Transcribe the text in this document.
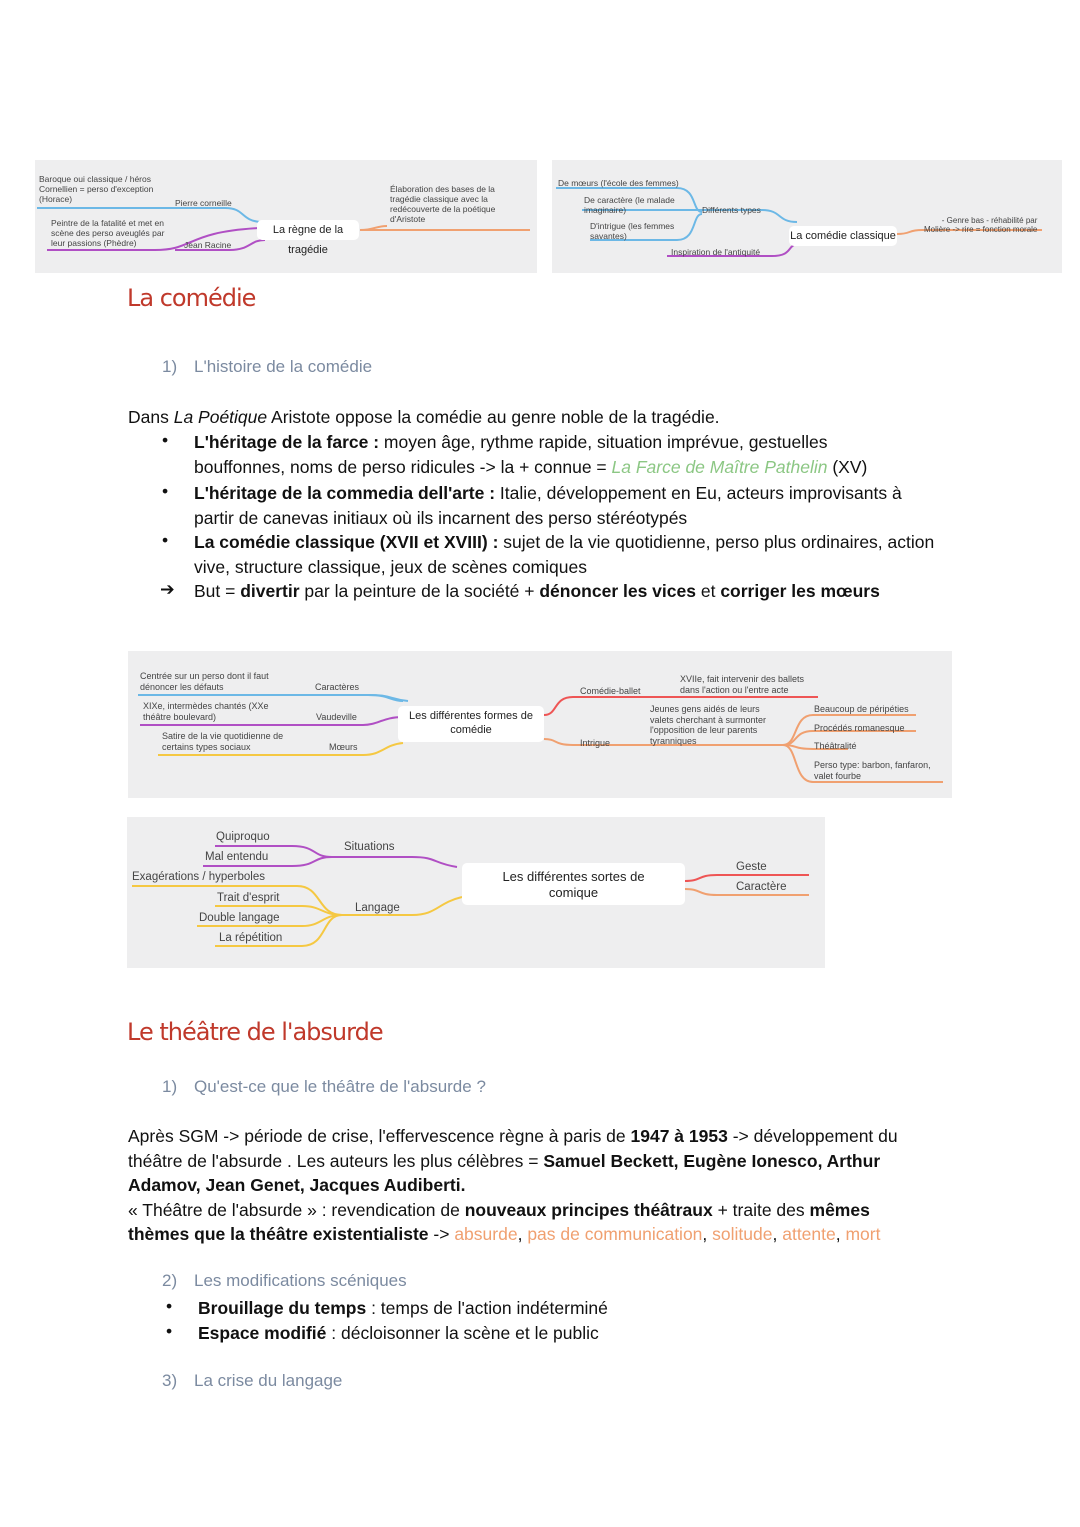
Baroque oui classique / héros
Cornellien = perso d'exception
(Horace)	Pierre corneille
Peintre de la fatalité et met en
scène des perso aveuglés par
leur passions (Phèdre)	Jean Racine
La règne de la tragédie
Élaboration des bases de la
tragédie classique avec la
redécouverte de la poétique
d'Aristote
De mœurs (l'école des femmes)
De caractère (le malade
imaginaire)
D'intrigue (les femmes
savantes)
Différents types
Inspiration de l'antiquité
La comédie classique
- Genre bas - réhabilité par
Molière -> rire = fonction morale
La comédie
1) L'histoire de la comédie
Dans La Poétique Aristote oppose la comédie au genre noble de la tragédie.
• L'héritage de la farce : moyen âge, rythme rapide, situation imprévue, gestuelles
bouffonnes, noms de perso ridicules -> la + connue = La Farce de Maître Pathelin (XV)
• L'héritage de la commedia dell'arte : Italie, développement en Eu, acteurs improvisants à
partir de canevas initiaux où ils incarnent des perso stéréotypés
• La comédie classique (XVII et XVIII) : sujet de la vie quotidienne, perso plus ordinaires, action
vive, structure classique, jeux de scènes comiques
➔ But = divertir par la peinture de la société + dénoncer les vices et corriger les mœurs
Centrée sur un perso dont il faut
dénoncer les défauts	Caractères
XIXe, intermèdes chantés (XXe
théâtre boulevard)	Vaudeville
Satire de la vie quotidienne de
certains types sociaux	Mœurs
Les différentes formes de
comédie
Comédie-ballet
XVIIe, fait intervenir des ballets
dans l'action ou l'entre acte
Intrigue
Jeunes gens aidés de leurs
valets cherchant à surmonter
l'opposition de leur parents
tyranniques
Beaucoup de péripéties
Procédés romanesque
Théâtralité
Perso type: barbon, fanfaron,
valet fourbe
Quiproquo
Mal entendu
Situations
Exagérations / hyperboles
Trait d'esprit
Double langage
La répétition
Langage
Les différentes sortes de
comique
Geste
Caractère
Le théâtre de l'absurde
1) Qu'est-ce que le théâtre de l'absurde ?
Après SGM -> période de crise, l'effervescence règne à paris de 1947 à 1953 -> développement du
théâtre de l'absurde . Les auteurs les plus célèbres = Samuel Beckett, Eugène Ionesco, Arthur
Adamov, Jean Genet, Jacques Audiberti.
« Théâtre de l'absurde » : revendication de nouveaux principes théâtraux + traite des mêmes
thèmes que la théâtre existentialiste -> absurde, pas de communication, solitude, attente, mort
2) Les modifications scéniques
• Brouillage du temps : temps de l'action indéterminé
• Espace modifié : décloisonner la scène et le public
3) La crise du langage
